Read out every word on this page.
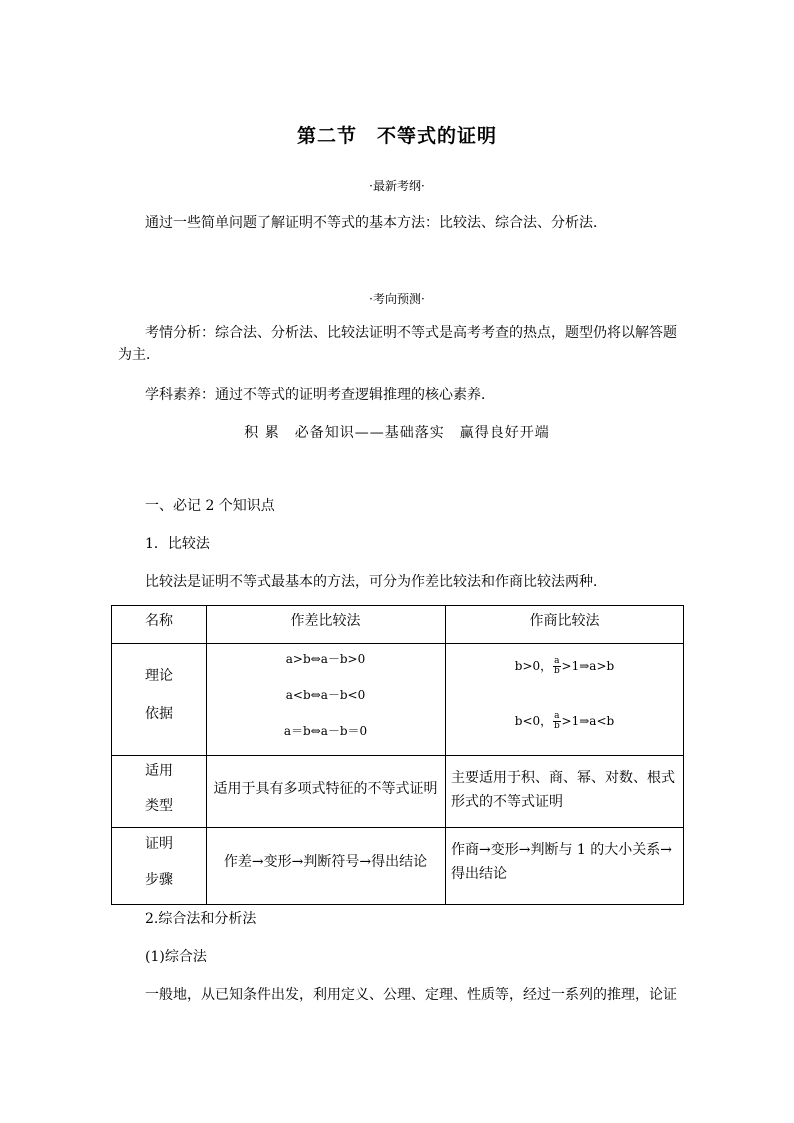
第二节 不等式的证明
·最新考纲·
通过一些简单问题了解证明不等式的基本方法：比较法、综合法、分析法．
·考向预测·
考情分析：综合法、分析法、比较法证明不等式是高考考查的热点，题型仍将以解答题为主．
学科素养：通过不等式的证明考查逻辑推理的核心素养．
积 累　必备知识——基础落实　赢得良好开端
一、必记 2 个知识点
1．比较法
比较法是证明不等式最基本的方法，可分为作差比较法和作商比较法两种．
名称	作差比较法	作商比较法
理论
依据
a>b⇔a－b>0
a<b⇔a－b<0
a＝b⇔a－b＝0
b>0， $\frac{a}{b}$ >1⇒a>b
b<0， $\frac{a}{b}$ >1⇒a<b
适用
类型
适用于具有多项式特征的不等式证明
主要适用于积、商、幂、对数、根式形式的不等式证明
证明
步骤
作差→变形→判断符号→得出结论
作商→变形→判断与 1 的大小关系→得出结论
2.综合法和分析法
(1)综合法
一般地，从已知条件出发，利用定义、公理、定理、性质等，经过一系列的推理，论证
